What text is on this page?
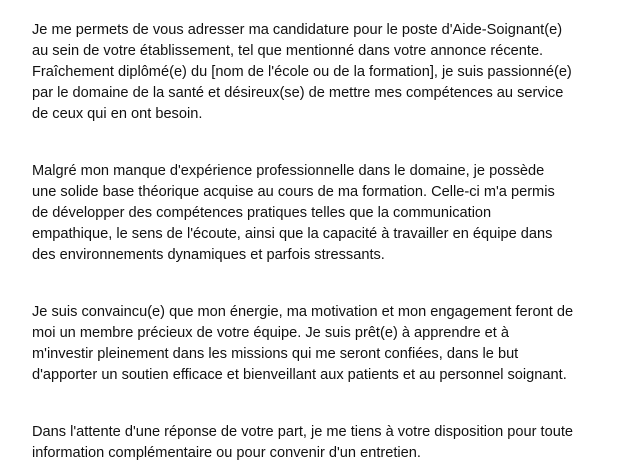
Je me permets de vous adresser ma candidature pour le poste d'Aide-Soignant(e)
au sein de votre établissement, tel que mentionné dans votre annonce récente.
Fraîchement diplômé(e) du [nom de l'école ou de la formation], je suis passionné(e)
par le domaine de la santé et désireux(se) de mettre mes compétences au service
de ceux qui en ont besoin.

Malgré mon manque d'expérience professionnelle dans le domaine, je possède
une solide base théorique acquise au cours de ma formation. Celle-ci m'a permis
de développer des compétences pratiques telles que la communication
empathique, le sens de l'écoute, ainsi que la capacité à travailler en équipe dans
des environnements dynamiques et parfois stressants.

Je suis convaincu(e) que mon énergie, ma motivation et mon engagement feront de
moi un membre précieux de votre équipe. Je suis prêt(e) à apprendre et à
m'investir pleinement dans les missions qui me seront confiées, dans le but
d'apporter un soutien efficace et bienveillant aux patients et au personnel soignant.

Dans l'attente d'une réponse de votre part, je me tiens à votre disposition pour toute
information complémentaire ou pour convenir d'un entretien.
